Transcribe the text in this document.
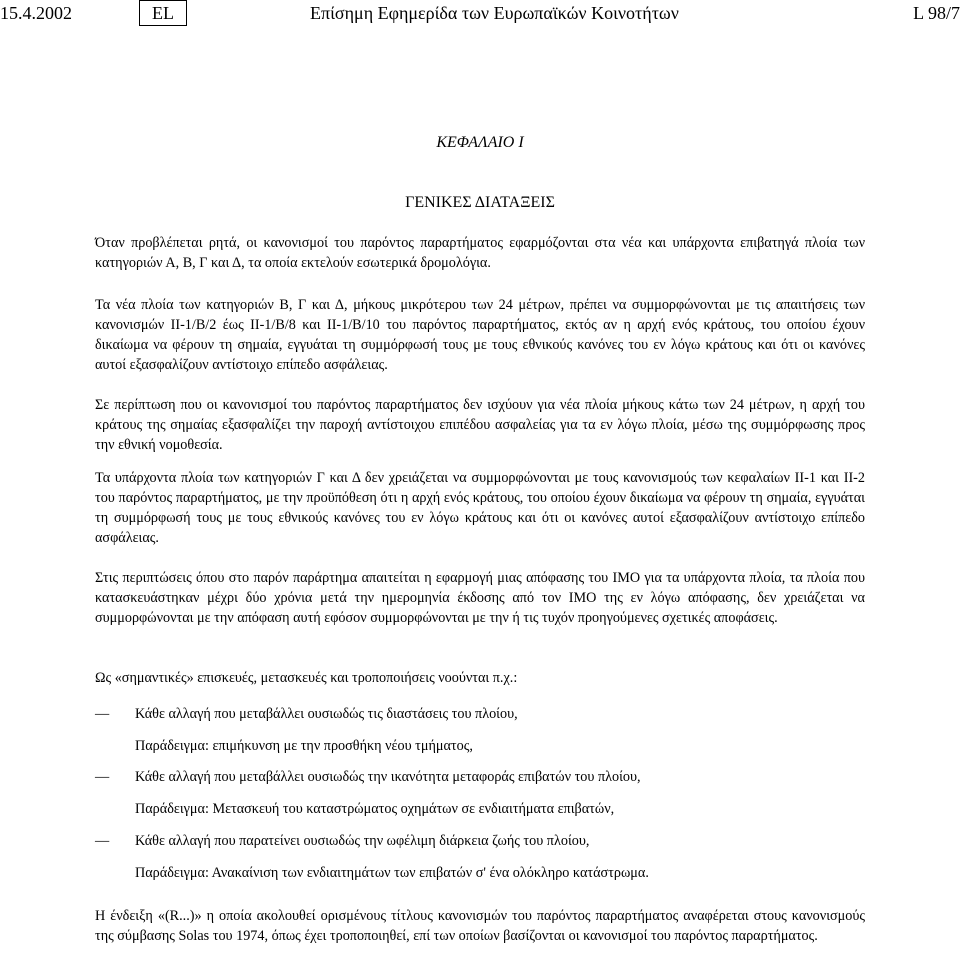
15.4.2002	EL	Επίσημη Εφημερίδα των Ευρωπαϊκών Κοινοτήτων	L 98/7
ΚΕΦΑΛΑΙΟ I
ΓΕΝΙΚΕΣ ΔΙΑΤΑΞΕΙΣ
Όταν προβλέπεται ρητά, οι κανονισμοί του παρόντος παραρτήματος εφαρμόζονται στα νέα και υπάρχοντα επιβατηγά πλοία των κατηγοριών Α, Β, Γ και Δ, τα οποία εκτελούν εσωτερικά δρομολόγια.
Τα νέα πλοία των κατηγοριών Β, Γ και Δ, μήκους μικρότερου των 24 μέτρων, πρέπει να συμμορφώνονται με τις απαιτήσεις των κανονισμών II-1/B/2 έως II-1/B/8 και II-1/B/10 του παρόντος παραρτήματος, εκτός αν η αρχή ενός κράτους, του οποίου έχουν δικαίωμα να φέρουν τη σημαία, εγγυάται τη συμμόρφωσή τους με τους εθνικούς κανόνες του εν λόγω κράτους και ότι οι κανόνες αυτοί εξασφαλίζουν αντίστοιχο επίπεδο ασφάλειας.
Σε περίπτωση που οι κανονισμοί του παρόντος παραρτήματος δεν ισχύουν για νέα πλοία μήκους κάτω των 24 μέτρων, η αρχή του κράτους της σημαίας εξασφαλίζει την παροχή αντίστοιχου επιπέδου ασφαλείας για τα εν λόγω πλοία, μέσω της συμμόρφωσης προς την εθνική νομοθεσία.
Τα υπάρχοντα πλοία των κατηγοριών Γ και Δ δεν χρειάζεται να συμμορφώνονται με τους κανονισμούς των κεφαλαίων II-1 και II-2 του παρόντος παραρτήματος, με την προϋπόθεση ότι η αρχή ενός κράτους, του οποίου έχουν δικαίωμα να φέρουν τη σημαία, εγγυάται τη συμμόρφωσή τους με τους εθνικούς κανόνες του εν λόγω κράτους και ότι οι κανόνες αυτοί εξασφαλίζουν αντίστοιχο επίπεδο ασφάλειας.
Στις περιπτώσεις όπου στο παρόν παράρτημα απαιτείται η εφαρμογή μιας απόφασης του IMO για τα υπάρχοντα πλοία, τα πλοία που κατασκευάστηκαν μέχρι δύο χρόνια μετά την ημερομηνία έκδοσης από τον IMO της εν λόγω απόφασης, δεν χρειάζεται να συμμορφώνονται με την απόφαση αυτή εφόσον συμμορφώνονται με την ή τις τυχόν προηγούμενες σχετικές αποφάσεις.
Ως «σημαντικές» επισκευές, μετασκευές και τροποποιήσεις νοούνται π.χ.:
— Κάθε αλλαγή που μεταβάλλει ουσιωδώς τις διαστάσεις του πλοίου,
Παράδειγμα: επιμήκυνση με την προσθήκη νέου τμήματος,
— Κάθε αλλαγή που μεταβάλλει ουσιωδώς την ικανότητα μεταφοράς επιβατών του πλοίου,
Παράδειγμα: Μετασκευή του καταστρώματος οχημάτων σε ενδιαιτήματα επιβατών,
— Κάθε αλλαγή που παρατείνει ουσιωδώς την ωφέλιμη διάρκεια ζωής του πλοίου,
Παράδειγμα: Ανακαίνιση των ενδιαιτημάτων των επιβατών σ' ένα ολόκληρο κατάστρωμα.
Η ένδειξη «(R...)» η οποία ακολουθεί ορισμένους τίτλους κανονισμών του παρόντος παραρτήματος αναφέρεται στους κανονισμούς της σύμβασης Solas του 1974, όπως έχει τροποποιηθεί, επί των οποίων βασίζονται οι κανονισμοί του παρόντος παραρτήματος.
